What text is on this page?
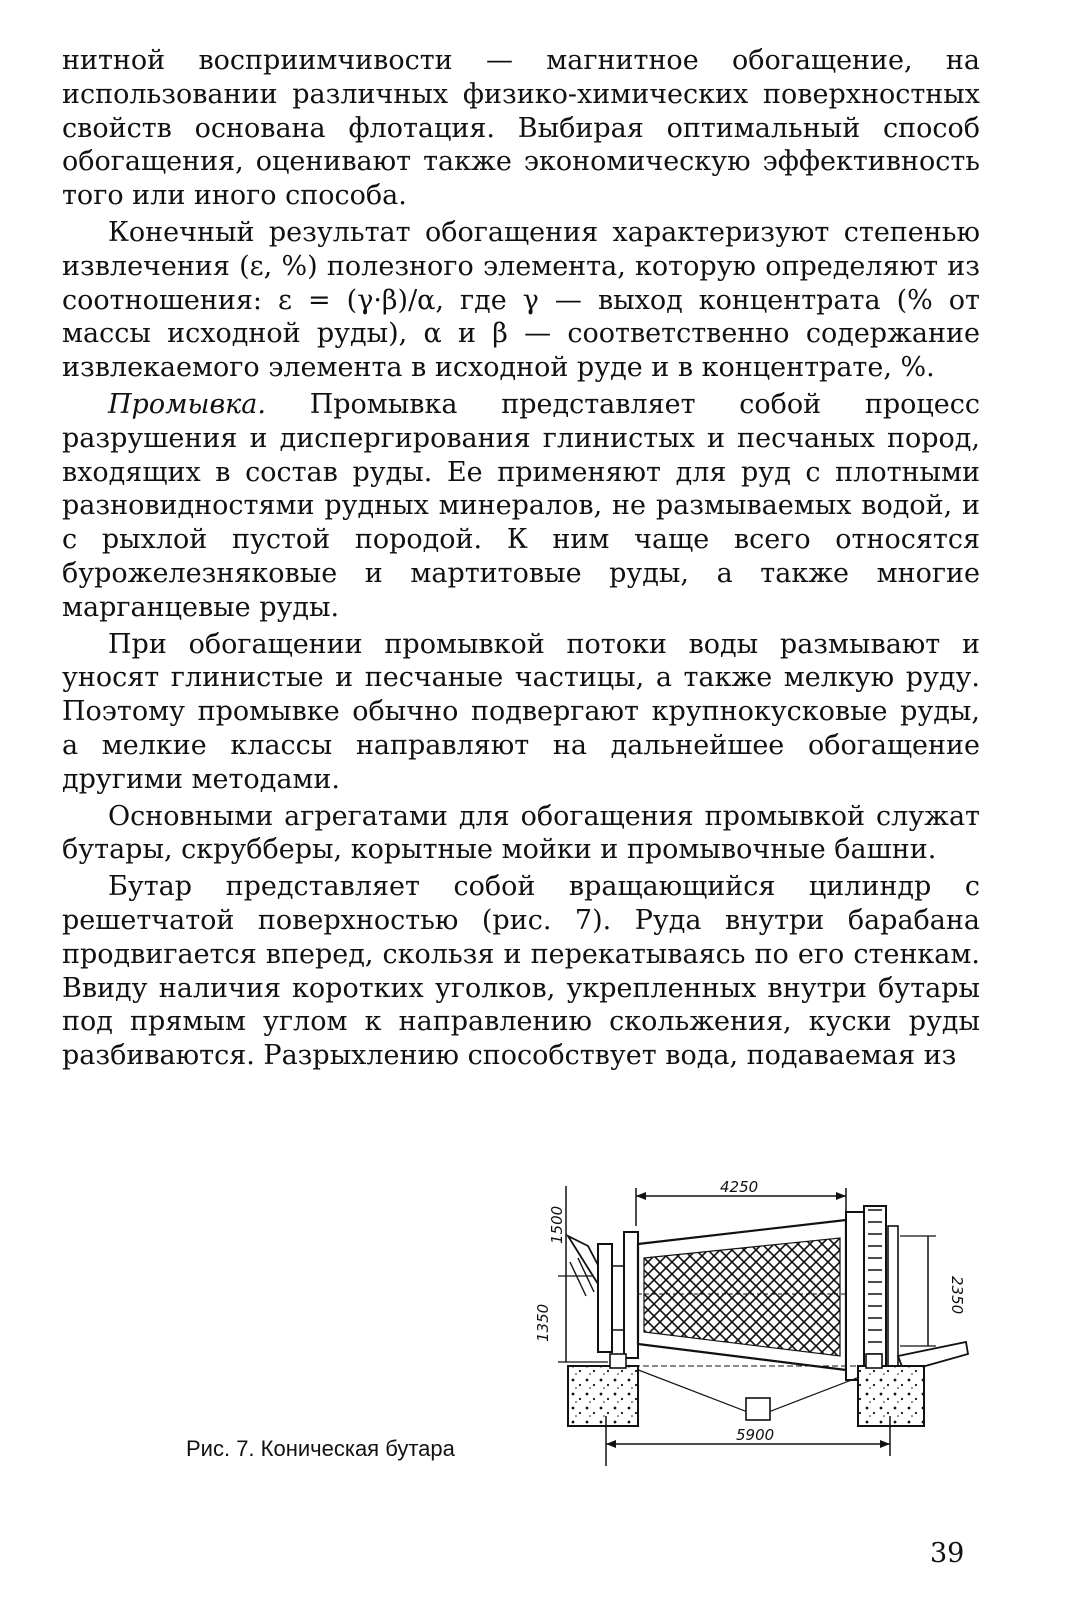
нитной восприимчивости — магнитное обогащение, на использовании различных физико-химических поверхностных свойств основана флотация. Выбирая оптимальный способ обогащения, оценивают также экономическую эффективность того или иного способа.

Конечный результат обогащения характеризуют степенью извлечения (ε, %) полезного элемента, которую определяют из соотношения: ε = (γ·β)/α, где γ — выход концентрата (% от массы исходной руды), α и β — соответственно содержание извлекаемого элемента в исходной руде и в концентрате, %.

Промывка. Промывка представляет собой процесс разрушения и диспергирования глинистых и песчаных пород, входящих в состав руды. Ее применяют для руд с плотными разновидностями рудных минералов, не размываемых водой, и с рыхлой пустой породой. К ним чаще всего относятся бурожелезняковые и мартитовые руды, а также многие марганцевые руды.

При обогащении промывкой потоки воды размывают и уносят глинистые и песчаные частицы, а также мелкую руду. Поэтому промывке обычно подвергают крупнокусковые руды, а мелкие классы направляют на дальнейшее обогащение другими методами.

Основными агрегатами для обогащения промывкой служат бутары, скрубберы, корытные мойки и промывочные башни.

Бутар представляет собой вращающийся цилиндр с решетчатой поверхностью (рис. 7). Руда внутри барабана продвигается вперед, скользя и перекатываясь по его стенкам. Ввиду наличия коротких уголков, укрепленных внутри бутары под прямым углом к направлению скольжения, куски руды разбиваются. Разрыхлению способствует вода, подаваемая из

4250
1500
1350
2350
5900
Рис. 7. Коническая бутара
39
